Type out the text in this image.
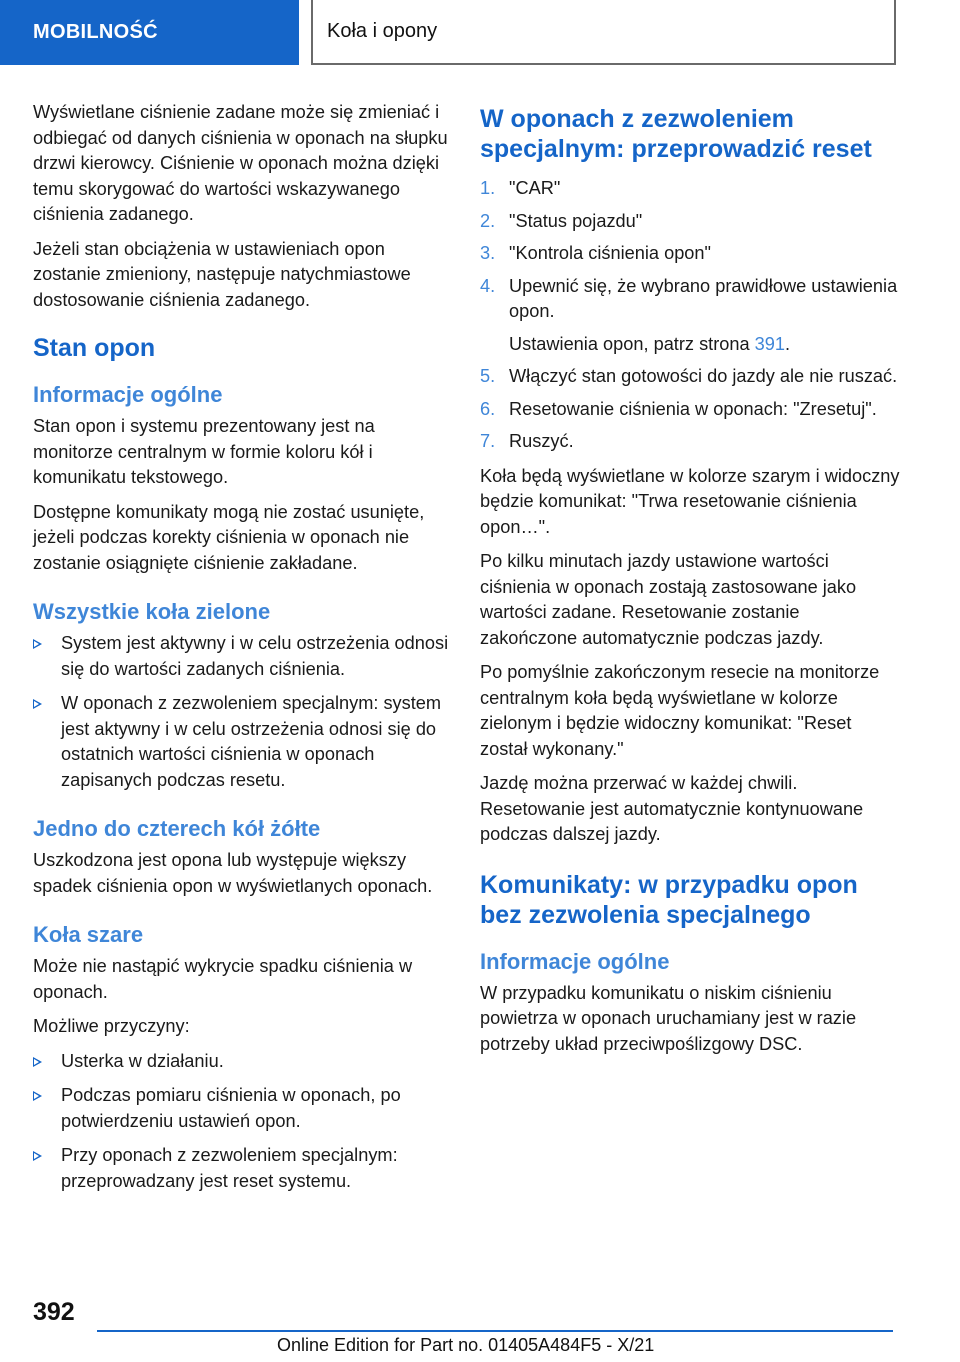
MOBILNOŚĆ	Koła i opony

Wyświetlane ciśnienie zadane może się zmieniać i odbiegać od danych ciśnienia w oponach na słupku drzwi kierowcy. Ciśnienie w oponach można dzięki temu skorygować do wartości wskazywanego ciśnienia zadanego.

Jeżeli stan obciążenia w ustawieniach opon zostanie zmieniony, następuje natychmiastowe dostosowanie ciśnienia zadanego.

Stan opon
Informacje ogólne

Stan opon i systemu prezentowany jest na monitorze centralnym w formie koloru kół i komunikatu tekstowego.

Dostępne komunikaty mogą nie zostać usunięte, jeżeli podczas korekty ciśnienia w oponach nie zostanie osiągnięte ciśnienie zakładane.

Wszystkie koła zielone
System jest aktywny i w celu ostrzeżenia odnosi się do wartości zadanych ciśnienia.
W oponach z zezwoleniem specjalnym: system jest aktywny i w celu ostrzeżenia odnosi się do ostatnich wartości ciśnienia w oponach zapisanych podczas resetu.
Jedno do czterech kół żółte

Uszkodzona jest opona lub występuje większy spadek ciśnienia opon w wyświetlanych oponach.

Koła szare

Może nie nastąpić wykrycie spadku ciśnienia w oponach.

Możliwe przyczyny:

Usterka w działaniu.
Podczas pomiaru ciśnienia w oponach, po potwierdzeniu ustawień opon.
Przy oponach z zezwoleniem specjalnym: przeprowadzany jest reset systemu.
W oponach z zezwoleniem specjalnym: przeprowadzić reset
1. "CAR"
2. "Status pojazdu"
3. "Kontrola ciśnienia opon"
4. Upewnić się, że wybrano prawidłowe ustawienia opon.
Ustawienia opon, patrz strona 391.
5. Włączyć stan gotowości do jazdy ale nie ruszać.
6. Resetowanie ciśnienia w oponach: "Zresetuj".
7. Ruszyć.

Koła będą wyświetlane w kolorze szarym i widoczny będzie komunikat: "Trwa resetowanie ciśnienia opon…".

Po kilku minutach jazdy ustawione wartości ciśnienia w oponach zostają zastosowane jako wartości zadane. Resetowanie zostanie zakończone automatycznie podczas jazdy.

Po pomyślnie zakończonym resecie na monitorze centralnym koła będą wyświetlane w kolorze zielonym i będzie widoczny komunikat: "Reset został wykonany."

Jazdę można przerwać w każdej chwili. Resetowanie jest automatycznie kontynuowane podczas dalszej jazdy.

Komunikaty: w przypadku opon bez zezwolenia specjalnego
Informacje ogólne

W przypadku komunikatu o niskim ciśnieniu powietrza w oponach uruchamiany jest w razie potrzeby układ przeciwpoślizgowy DSC.

392
Online Edition for Part no. 01405A484F5 - X/21
